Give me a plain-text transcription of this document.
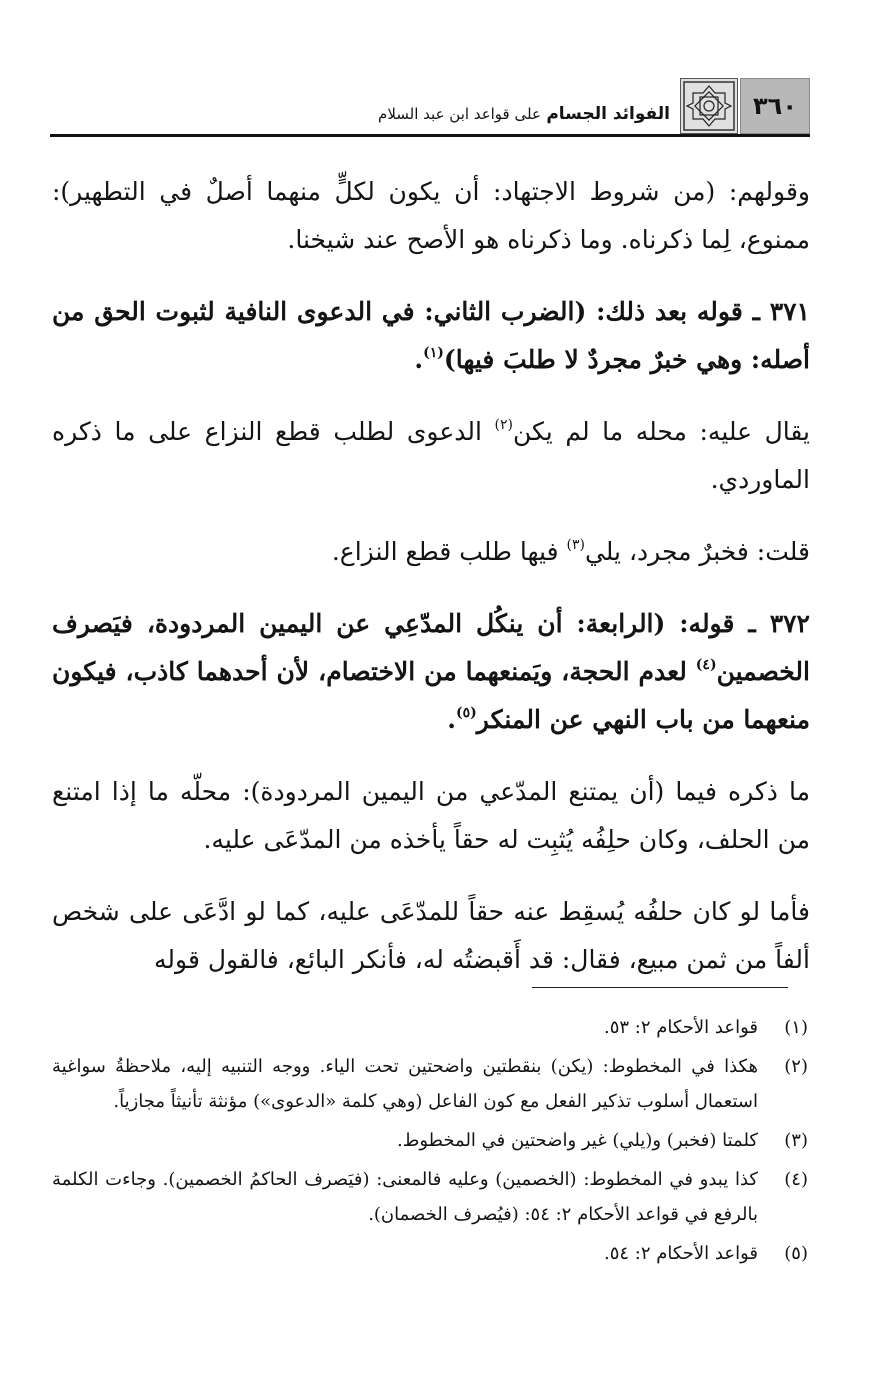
٣٦٠
الفوائد الجسام على قواعد ابن عبد السلام

وقولهم: (من شروط الاجتهاد: أن يكون لكلٍّ منهما أصلٌ في التطهير): ممنوع، لِما ذكرناه. وما ذكرناه هو الأصح عند شيخنا.

٣٧١ ـ قوله بعد ذلك: (الضرب الثاني: في الدعوى النافية لثبوت الحق من أصله: وهي خبرٌ مجردٌ لا طلبَ فيها)$^{(١)}$.

يقال عليه: محله ما لم يكن$^{(٢)}$ الدعوى لطلب قطع النزاع على ما ذكره الماوردي.

قلت: فخبرٌ مجرد، يلي$^{(٣)}$ فيها طلب قطع النزاع.

٣٧٢ ـ قوله: (الرابعة: أن ينكُل المدّعِي عن اليمين المردودة، فيَصرف الخصمين$^{(٤)}$ لعدم الحجة، ويَمنعهما من الاختصام، لأن أحدهما كاذب، فيكون منعهما من باب النهي عن المنكر$^{(٥)}$.

ما ذكره فيما (أن يمتنع المدّعي من اليمين المردودة): محلّه ما إذا امتنع من الحلف، وكان حلِفُه يُثبِت له حقاً يأخذه من المدّعَى عليه.

فأما لو كان حلفُه يُسقِط عنه حقاً للمدّعَى عليه، كما لو ادَّعَى على شخص ألفاً من ثمن مبيع، فقال: قد أَقبضتُه له، فأنكر البائع، فالقول قوله

(١)
قواعد الأحكام ٢: ٥٣.
(٢)
هكذا في المخطوط: (يكن) بنقطتين واضحتين تحت الياء. ووجه التنبيه إليه، ملاحظةُ سواغية استعمال أسلوب تذكير الفعل مع كون الفاعل (وهي كلمة «الدعوى») مؤنثة تأنيثاً مجازياً.
(٣)
كلمتا (فخبر) و(يلي) غير واضحتين في المخطوط.
(٤)
كذا يبدو في المخطوط: (الخصمين) وعليه فالمعنى: (فيَصرف الحاكمُ الخصمين). وجاءت الكلمة بالرفع في قواعد الأحكام ٢: ٥٤: (فيُصرف الخصمان).
(٥)
قواعد الأحكام ٢: ٥٤.
